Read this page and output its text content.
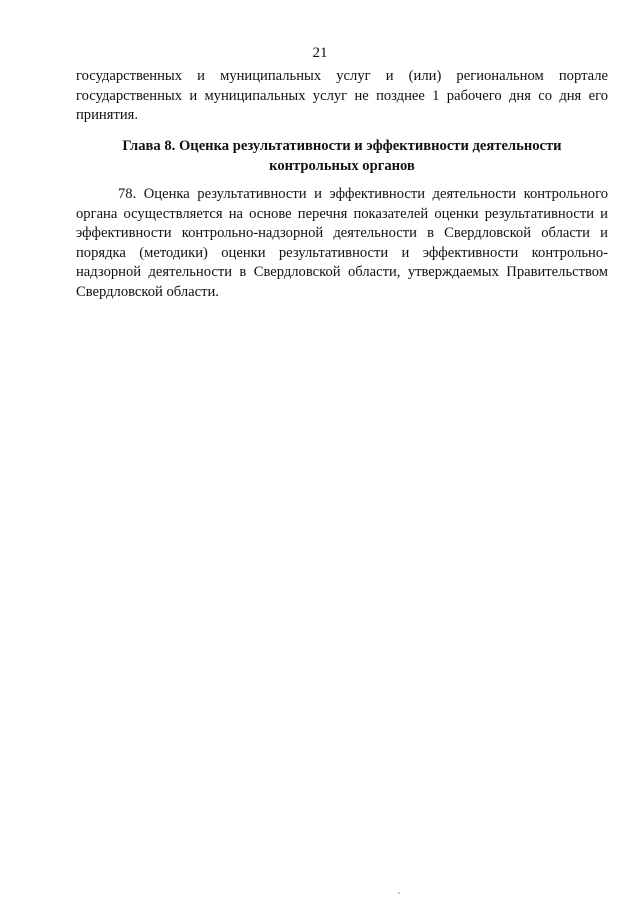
21
государственных и муниципальных услуг и (или) региональном портале
государственных и муниципальных услуг не позднее 1 рабочего дня со дня его
принятия.
Глава 8. Оценка результативности и эффективности деятельности
контрольных органов
78. Оценка результативности и эффективности деятельности контрольного
органа осуществляется на основе перечня показателей оценки результативности и
эффективности контрольно-надзорной деятельности в Свердловской области и
порядка (методики) оценки результативности и эффективности контрольно-
надзорной деятельности в Свердловской области, утверждаемых Правительством
Свердловской области.
